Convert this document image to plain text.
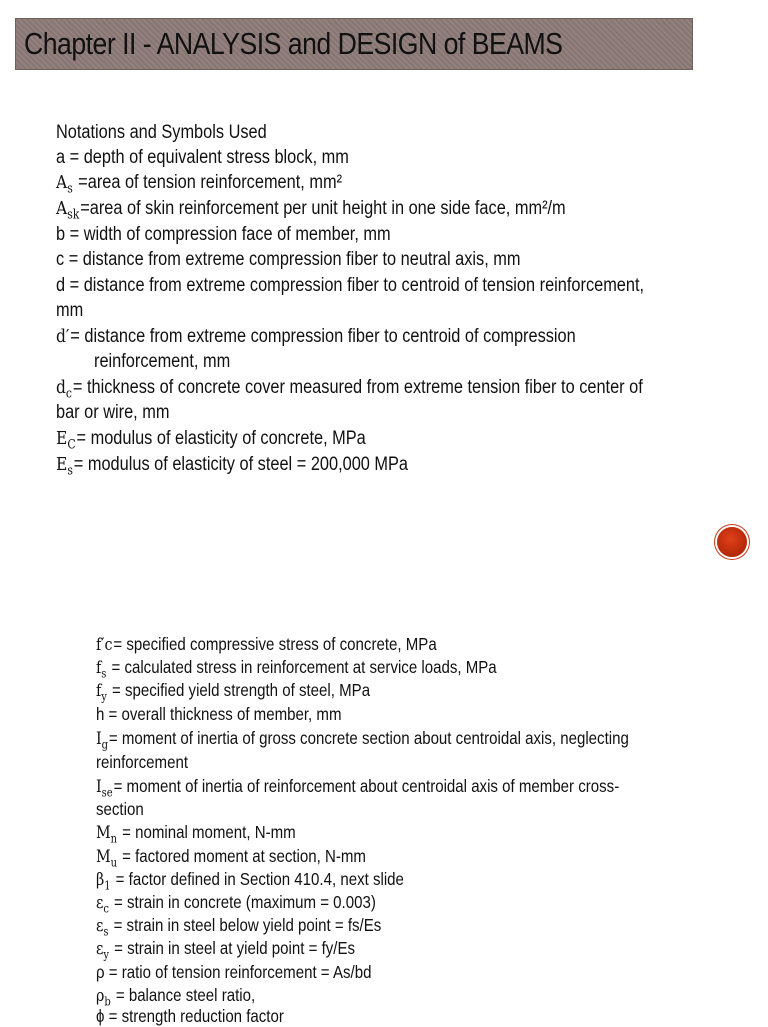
Chapter II - ANALYSIS and DESIGN of BEAMS
Notations and Symbols Used
a = depth of equivalent stress block, mm
$A_s$ =area of tension reinforcement, mm²
$A_{sk}=area$ of skin reinforcement per unit height in one side face, mm²/m
b = width of compression face of member, mm
c = distance from extreme compression fiber to neutral axis, mm
d = distance from extreme compression fiber to centroid of tension reinforcement,
mm
d′= distance from extreme compression fiber to centroid of compression
reinforcement, mm
$d_c=$ thickness of concrete cover measured from extreme tension fiber to center of
bar or wire, mm
$E_C=$ modulus of elasticity of concrete, MPa
$E_s=$ modulus of elasticity of steel = 200,000 MPa
f′c= specified compressive stress of concrete, MPa
$f_s$ = calculated stress in reinforcement at service loads, MPa
$f_y$ = specified yield strength of steel, MPa
h = overall thickness of member, mm
$I_g=$ moment of inertia of gross concrete section about centroidal axis, neglecting
reinforcement
$I_{se}=$ moment of inertia of reinforcement about centroidal axis of member cross-
section
$M_n$ = nominal moment, N-mm
$M_u$ = factored moment at section, N-mm
$\beta_1$ = factor defined in Section 410.4, next slide
$\varepsilon_c$ = strain in concrete (maximum = 0.003)
$\varepsilon_s$ = strain in steel below yield point = fs/Es
$\varepsilon_y$ = strain in steel at yield point = fy/Es
ρ = ratio of tension reinforcement = As/bd
$\rho_b$ = balance steel ratio,
ϕ = strength reduction factor
